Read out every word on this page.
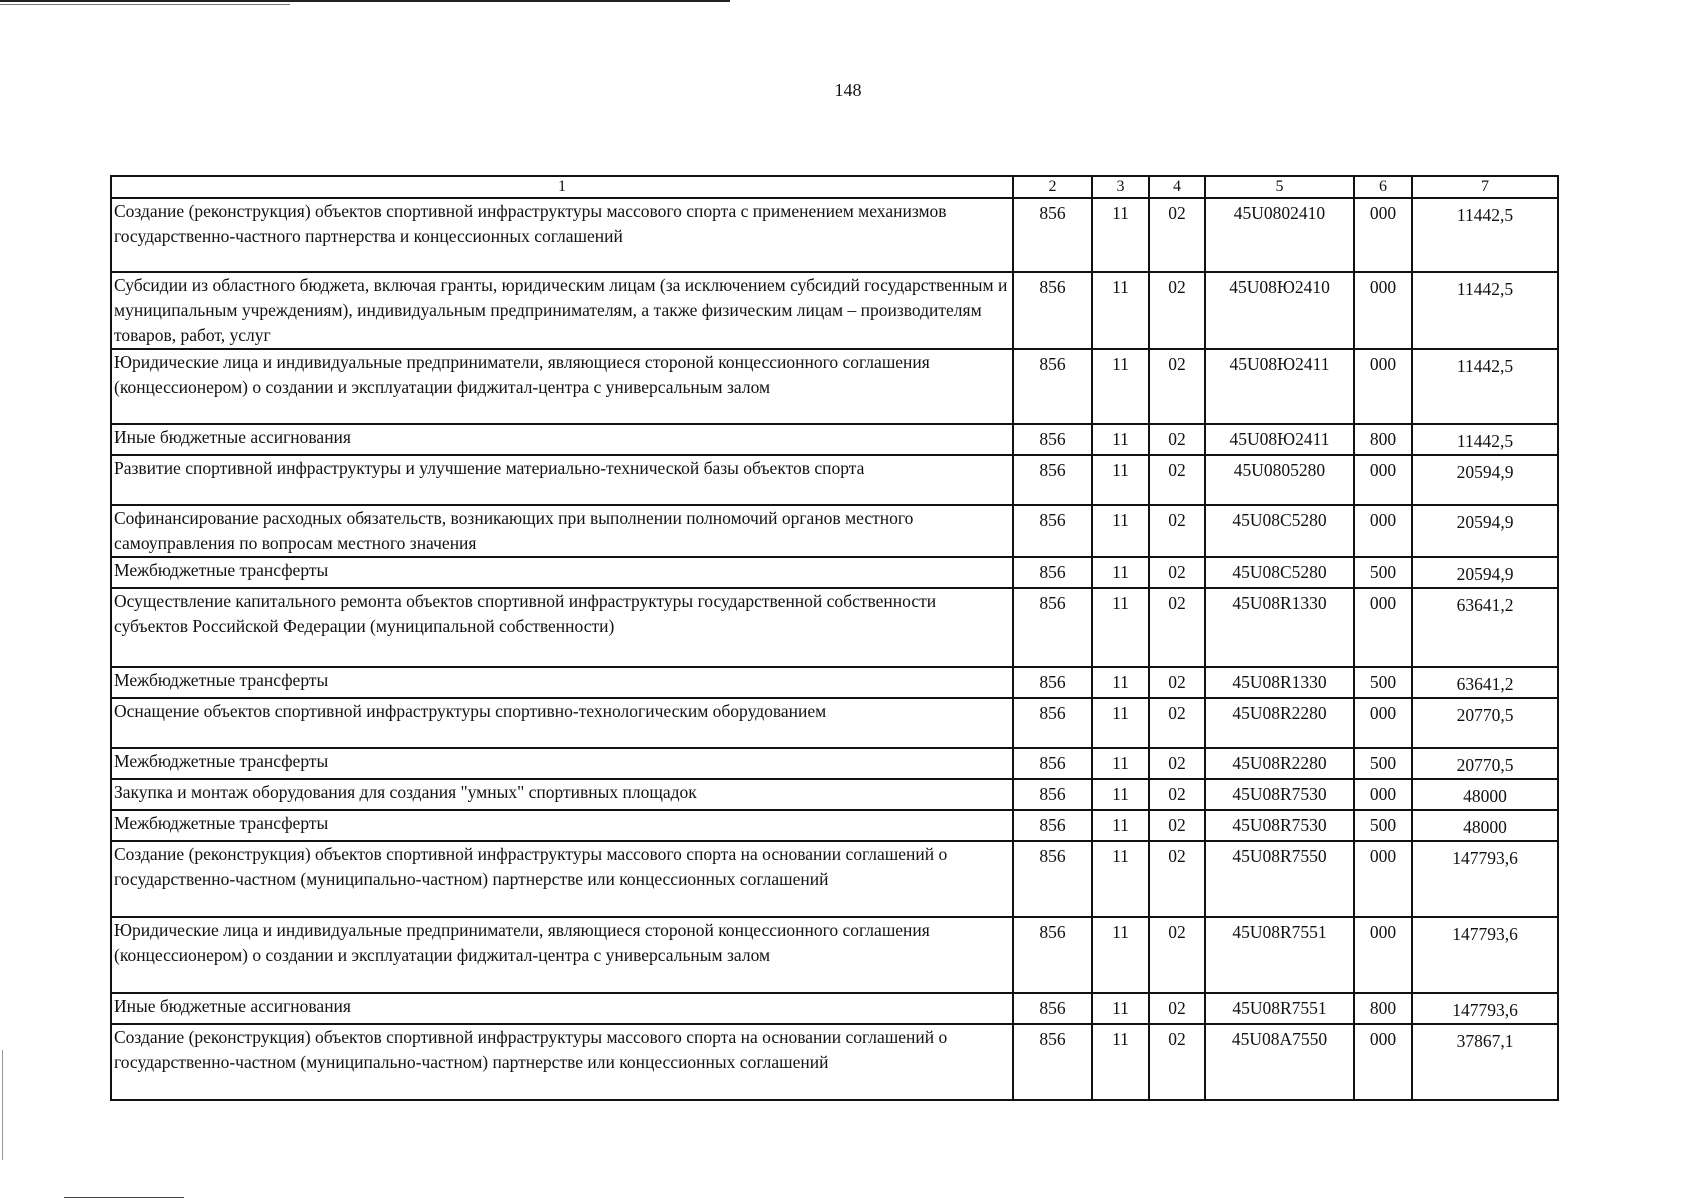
148
1	2	3	4	5	6	7
Создание (реконструкция) объектов спортивной инфраструктуры массового спорта с применением механизмов государственно-частного партнерства и концессионных соглашений	856	11	02	45U0802410	000	11442,5
Субсидии из областного бюджета, включая гранты, юридическим лицам (за исключением субсидий государственным и муниципальным учреждениям), индивидуальным предпринимателям, а также физическим лицам – производителям товаров, работ, услуг	856	11	02	45U08Ю2410	000	11442,5
Юридические лица и индивидуальные предприниматели, являющиеся стороной концессионного соглашения (концессионером) о создании и эксплуатации фиджитал-центра с универсальным залом	856	11	02	45U08Ю2411	000	11442,5
Иные бюджетные ассигнования	856	11	02	45U08Ю2411	800	11442,5
Развитие спортивной инфраструктуры и улучшение материально-технической базы объектов спорта	856	11	02	45U0805280	000	20594,9
Софинансирование расходных обязательств, возникающих при выполнении полномочий органов местного самоуправления по вопросам местного значения	856	11	02	45U08C5280	000	20594,9
Межбюджетные трансферты	856	11	02	45U08C5280	500	20594,9
Осуществление капитального ремонта объектов спортивной инфраструктуры государственной собственности субъектов Российской Федерации (муниципальной собственности)	856	11	02	45U08R1330	000	63641,2
Межбюджетные трансферты	856	11	02	45U08R1330	500	63641,2
Оснащение объектов спортивной инфраструктуры спортивно-технологическим оборудованием	856	11	02	45U08R2280	000	20770,5
Межбюджетные трансферты	856	11	02	45U08R2280	500	20770,5
Закупка и монтаж оборудования для создания "умных" спортивных площадок	856	11	02	45U08R7530	000	48000
Межбюджетные трансферты	856	11	02	45U08R7530	500	48000
Создание (реконструкция) объектов спортивной инфраструктуры массового спорта на основании соглашений о государственно-частном (муниципально-частном) партнерстве или концессионных соглашений	856	11	02	45U08R7550	000	147793,6
Юридические лица и индивидуальные предприниматели, являющиеся стороной концессионного соглашения (концессионером) о создании и эксплуатации фиджитал-центра с универсальным залом	856	11	02	45U08R7551	000	147793,6
Иные бюджетные ассигнования	856	11	02	45U08R7551	800	147793,6
Создание (реконструкция) объектов спортивной инфраструктуры массового спорта на основании соглашений о государственно-частном (муниципально-частном) партнерстве или концессионных соглашений	856	11	02	45U08A7550	000	37867,1
